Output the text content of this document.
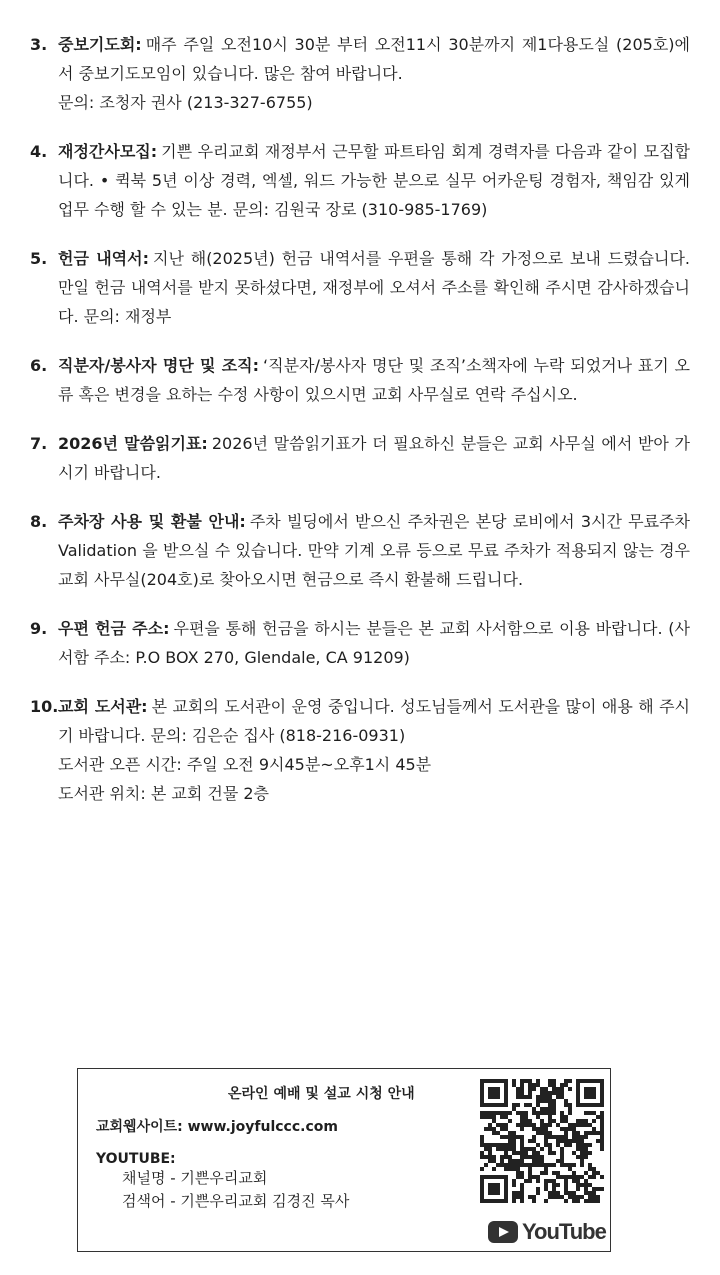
3. 중보기도회: 매주 주일 오전10시 30분 부터 오전11시 30분까지 제1다용도실 (205호)에서 중보기도모임이 있습니다. 많은 참여 바랍니다.

문의: 조청자 권사 (213-327-6755)

4. 재정간사모집: 기쁜 우리교회 재정부서 근무할 파트타임 회계 경력자를 다음과 같이 모집합니다. • 퀵북 5년 이상 경력, 엑셀, 워드 가능한 분으로 실무 어카운팅 경험자, 책임감 있게 업무 수행 할 수 있는 분. 문의: 김원국 장로 (310-985-1769)

5. 헌금 내역서: 지난 해(2025년) 헌금 내역서를 우편을 통해 각 가정으로 보내 드렸습니다. 만일 헌금 내역서를 받지 못하셨다면, 재정부에 오셔서 주소를 확인해 주시면 감사하겠습니다. 문의: 재정부

6. 직분자/봉사자 명단 및 조직: ‘직분자/봉사자 명단 및 조직’소책자에 누락 되었거나 표기 오류 혹은 변경을 요하는 수정 사항이 있으시면 교회 사무실로 연락 주십시오.

7. 2026년 말씀읽기표: 2026년 말씀읽기표가 더 필요하신 분들은 교회 사무실 에서 받아 가시기 바랍니다.

8. 주차장 사용 및 환불 안내: 주차 빌딩에서 받으신 주차권은 본당 로비에서 3시간 무료주차 Validation 을 받으실 수 있습니다. 만약 기계 오류 등으로 무료 주차가 적용되지 않는 경우 교회 사무실(204호)로 찾아오시면 현금으로 즉시 환불해 드립니다.

9. 우편 헌금 주소: 우편을 통해 헌금을 하시는 분들은 본 교회 사서함으로 이용 바랍니다. (사서함 주소: P.O BOX 270, Glendale, CA 91209)

10. 교회 도서관: 본 교회의 도서관이 운영 중입니다. 성도님들께서 도서관을 많이 애용 해 주시기 바랍니다. 문의: 김은순 집사 (818-216-0931)

도서관 오픈 시간: 주일 오전 9시45분~오후1시 45분

도서관 위치: 본 교회 건물 2층

온라인 예배 및 설교 시청 안내
교회웹사이트: www.joyfulccc.com
YOUTUBE:
채널명 - 기쁜우리교회
검색어 - 기쁜우리교회 김경진 목사
YouTube
